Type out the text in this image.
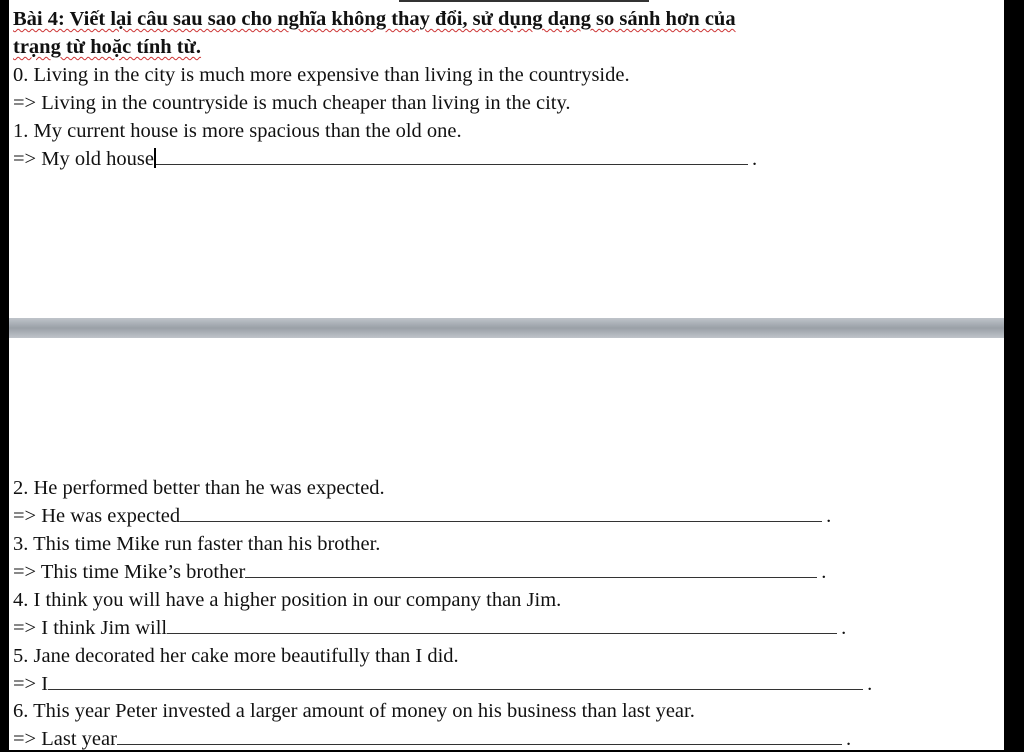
Bài 4: Viết lại câu sau sao cho nghĩa không thay đổi, sử dụng dạng so sánh hơn của
trạng từ hoặc tính từ.
0. Living in the city is much more expensive than living in the countryside.
=> Living in the countryside is much cheaper than living in the city.
1. My current house is more spacious than the old one.
=> My old house	.
2. He performed better than he was expected.
=> He was expected	.
3. This time Mike run faster than his brother.
=> This time Mike’s brother	.
4. I think you will have a higher position in our company than Jim.
=> I think Jim will	.
5. Jane decorated her cake more beautifully than I did.
=> I	.
6. This year Peter invested a larger amount of money on his business than last year.
=> Last year	.
